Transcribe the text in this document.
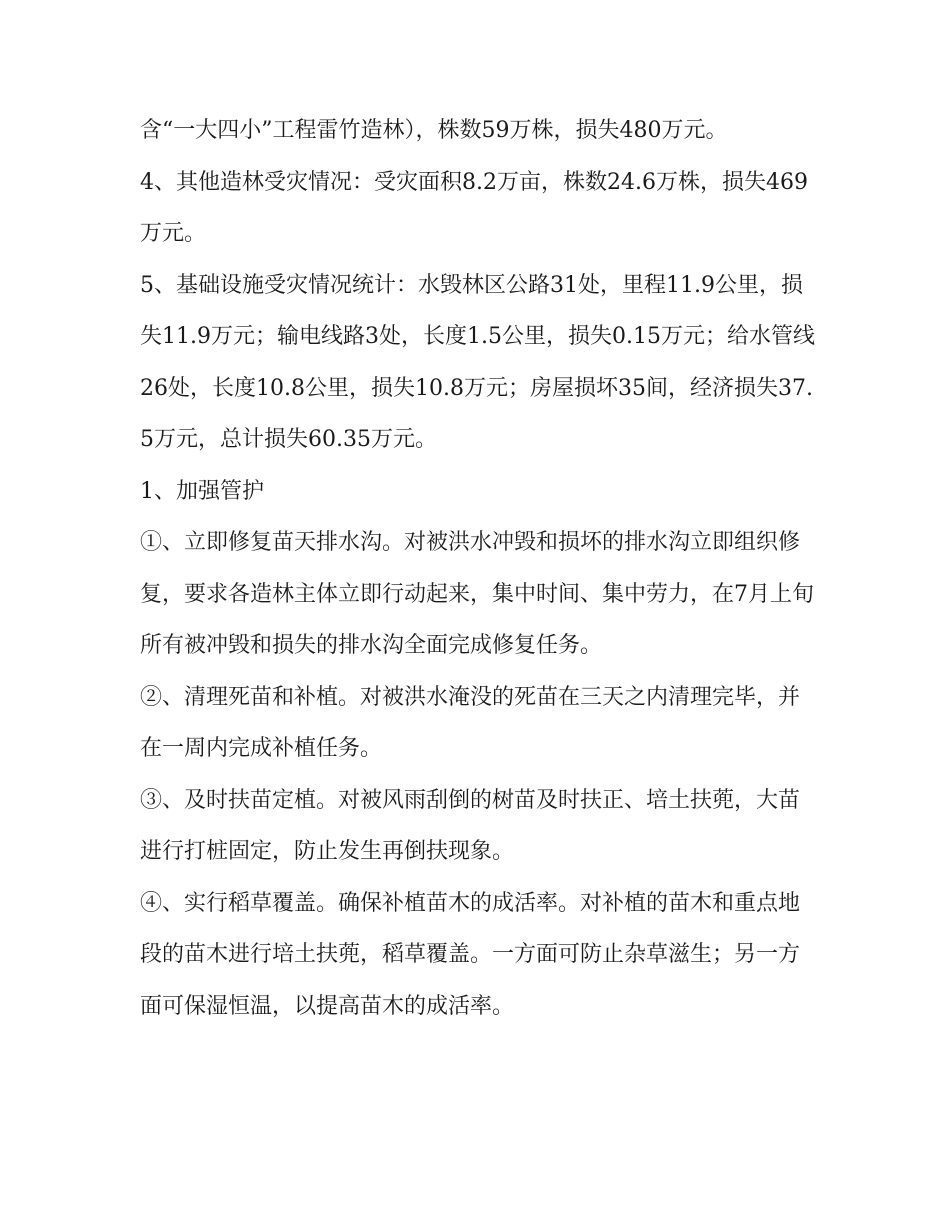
含“一大四小”工程雷竹造林），株数59万株，损失480万元。

4、其他造林受灾情况：受灾面积8.2万亩，株数24.6万株，损失469万元。

5、基础设施受灾情况统计：水毁林区公路31处，里程11.9公里，损失11.9万元；输电线路3处，长度1.5公里，损失0.15万元；给水管线26处，长度10.8公里，损失10.8万元；房屋损坏35间，经济损失37.5万元，总计损失60.35万元。

1、加强管护

①、立即修复苗天排水沟。对被洪水冲毁和损坏的排水沟立即组织修复，要求各造林主体立即行动起来，集中时间、集中劳力，在7月上旬所有被冲毁和损失的排水沟全面完成修复任务。

②、清理死苗和补植。对被洪水淹没的死苗在三天之内清理完毕，并在一周内完成补植任务。

③、及时扶苗定植。对被风雨刮倒的树苗及时扶正、培土扶蔸，大苗进行打桩固定，防止发生再倒扶现象。

④、实行稻草覆盖。确保补植苗木的成活率。对补植的苗木和重点地段的苗木进行培土扶蔸，稻草覆盖。一方面可防止杂草滋生；另一方面可保湿恒温，以提高苗木的成活率。
